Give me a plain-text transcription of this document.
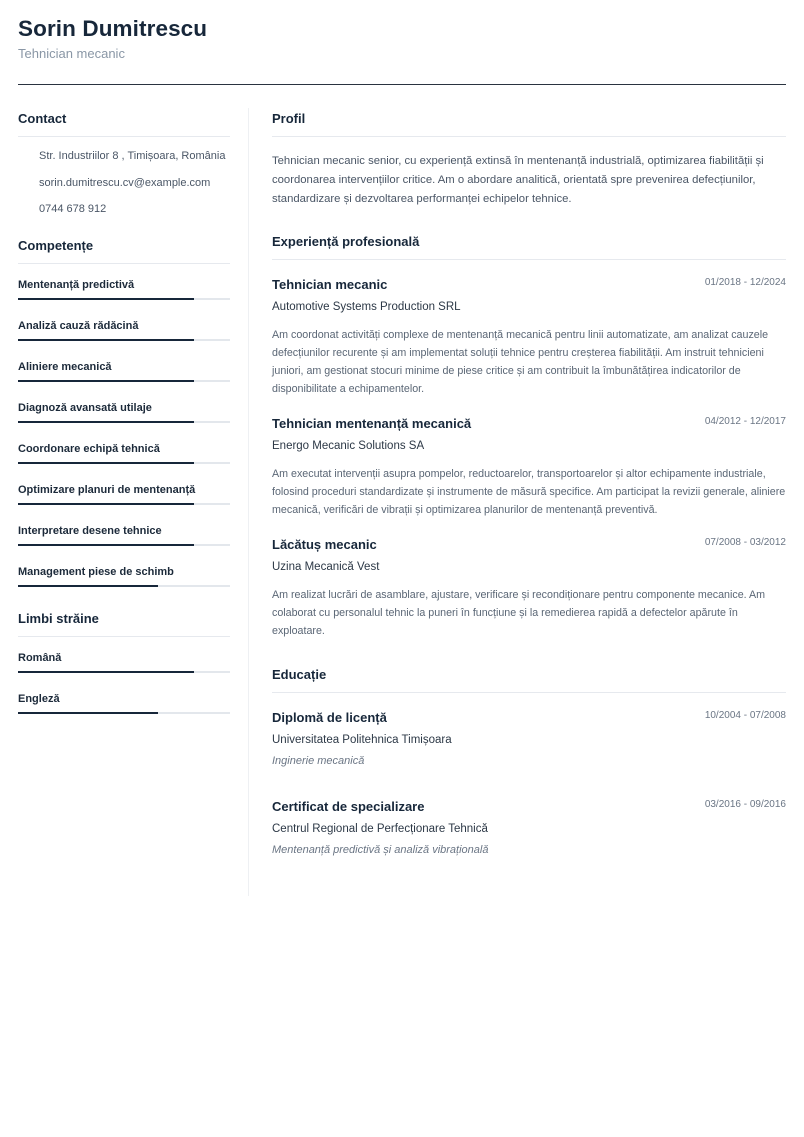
Sorin Dumitrescu
Tehnician mecanic
Contact
Str. Industriilor 8 , Timișoara, România
sorin.dumitrescu.cv@example.com
0744 678 912
Competențe
Mentenanță predictivă
Analiză cauză rădăcină
Aliniere mecanică
Diagnoză avansată utilaje
Coordonare echipă tehnică
Optimizare planuri de mentenanță
Interpretare desene tehnice
Management piese de schimb
Limbi străine
Română
Engleză
Profil
Tehnician mecanic senior, cu experiență extinsă în mentenanță industrială, optimizarea fiabilității și coordonarea intervențiilor critice. Am o abordare analitică, orientată spre prevenirea defecțiunilor, standardizare și dezvoltarea performanței echipelor tehnice.
Experiență profesională
Tehnician mecanic	01/2018 - 12/2024
Automotive Systems Production SRL
Am coordonat activități complexe de mentenanță mecanică pentru linii automatizate, am analizat cauzele defecțiunilor recurente și am implementat soluții tehnice pentru creșterea fiabilității. Am instruit tehnicieni juniori, am gestionat stocuri minime de piese critice și am contribuit la îmbunătățirea indicatorilor de disponibilitate a echipamentelor.
Tehnician mentenanță mecanică	04/2012 - 12/2017
Energo Mecanic Solutions SA
Am executat intervenții asupra pompelor, reductoarelor, transportoarelor și altor echipamente industriale, folosind proceduri standardizate și instrumente de măsură specifice. Am participat la revizii generale, aliniere mecanică, verificări de vibrații și optimizarea planurilor de mentenanță preventivă.
Lăcătuș mecanic	07/2008 - 03/2012
Uzina Mecanică Vest
Am realizat lucrări de asamblare, ajustare, verificare și recondiționare pentru componente mecanice. Am colaborat cu personalul tehnic la puneri în funcțiune și la remedierea rapidă a defectelor apărute în exploatare.
Educație
Diplomă de licență	10/2004 - 07/2008
Universitatea Politehnica Timișoara
Inginerie mecanică
Certificat de specializare	03/2016 - 09/2016
Centrul Regional de Perfecționare Tehnică
Mentenanță predictivă și analiză vibrațională
